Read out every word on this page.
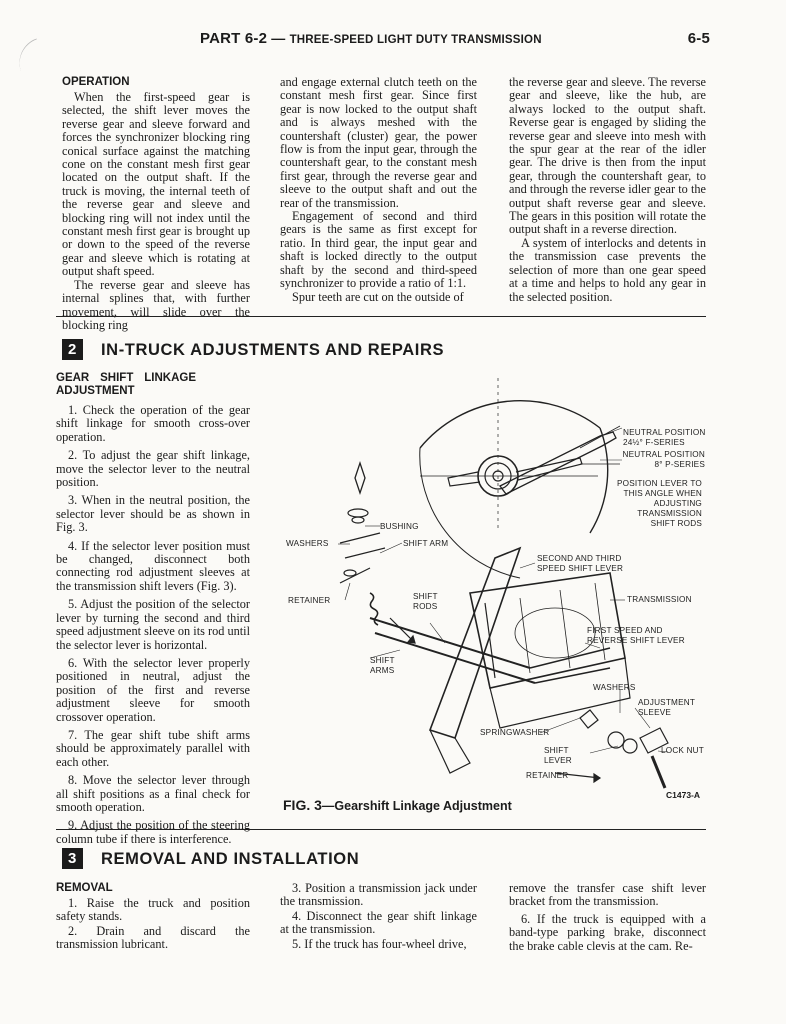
PART 6-2 — THREE-SPEED LIGHT DUTY TRANSMISSION	6-5
OPERATION

When the first-speed gear is selected, the shift lever moves the reverse gear and sleeve forward and forces the synchronizer blocking ring conical surface against the matching cone on the constant mesh first gear located on the output shaft. If the truck is moving, the internal teeth of the reverse gear and sleeve and blocking ring will not index until the constant mesh first gear is brought up or down to the speed of the reverse gear and sleeve which is rotating at output shaft speed.

The reverse gear and sleeve has internal splines that, with further movement, will slide over the blocking ring

and engage external clutch teeth on the constant mesh first gear. Since first gear is now locked to the output shaft and is always meshed with the countershaft (cluster) gear, the power flow is from the input gear, through the countershaft gear, to the constant mesh first gear, through the reverse gear and sleeve to the output shaft and out the rear of the transmission.

Engagement of second and third gears is the same as first except for ratio. In third gear, the input gear and shaft is locked directly to the output shaft by the second and third-speed synchronizer to provide a ratio of 1:1.

Spur teeth are cut on the outside of

the reverse gear and sleeve. The reverse gear and sleeve, like the hub, are always locked to the output shaft. Reverse gear is engaged by sliding the reverse gear and sleeve into mesh with the spur gear at the rear of the idler gear. The drive is then from the input gear, through the countershaft gear, to and through the reverse idler gear to the output shaft reverse gear and sleeve. The gears in this position will rotate the output shaft in a reverse direction.

A system of interlocks and detents in the transmission case prevents the selection of more than one gear speed at a time and helps to hold any gear in the selected position.

2 IN-TRUCK ADJUSTMENTS AND REPAIRS
GEAR SHIFT LINKAGE ADJUSTMENT

1. Check the operation of the gear shift linkage for smooth cross-over operation.

2. To adjust the gear shift linkage, move the selector lever to the neutral position.

3. When in the neutral position, the selector lever should be as shown in Fig. 3.

4. If the selector lever position must be changed, disconnect both connecting rod adjustment sleeves at the transmission shift levers (Fig. 3).

5. Adjust the position of the selector lever by turning the second and third speed adjustment sleeve on its rod until the selector lever is horizontal.

6. With the selector lever properly positioned in neutral, adjust the position of the first and reverse adjustment sleeve for smooth crossover operation.

7. The gear shift tube shift arms should be approximately parallel with each other.

8. Move the selector lever through all shift positions as a final check for smooth operation.

9. Adjust the position of the steering column tube if there is interference.

NEUTRAL POSITION
24½° F-SERIES
NEUTRAL POSITION
8° P-SERIES
POSITION LEVER TO
THIS ANGLE WHEN
ADJUSTING
TRANSMISSION
SHIFT RODS
BUSHING
WASHERS	SHIFT ARM
SECOND AND THIRD
SPEED SHIFT LEVER
RETAINER	SHIFT
RODS
TRANSMISSION
FIRST SPEED AND
REVERSE SHIFT LEVER
SHIFT
ARMS
WASHERS
ADJUSTMENT
SLEEVE
SPRINGWASHER
SHIFT
LEVER
LOCK NUT
RETAINER
C1473-A
FIG. 3—Gearshift Linkage Adjustment
3 REMOVAL AND INSTALLATION
REMOVAL

1. Raise the truck and position safety stands.

2. Drain and discard the transmission lubricant.

3. Position a transmission jack under the transmission.

4. Disconnect the gear shift linkage at the transmission.

5. If the truck has four-wheel drive,

remove the transfer case shift lever bracket from the transmission.

6. If the truck is equipped with a band-type parking brake, disconnect the brake cable clevis at the cam. Re-
